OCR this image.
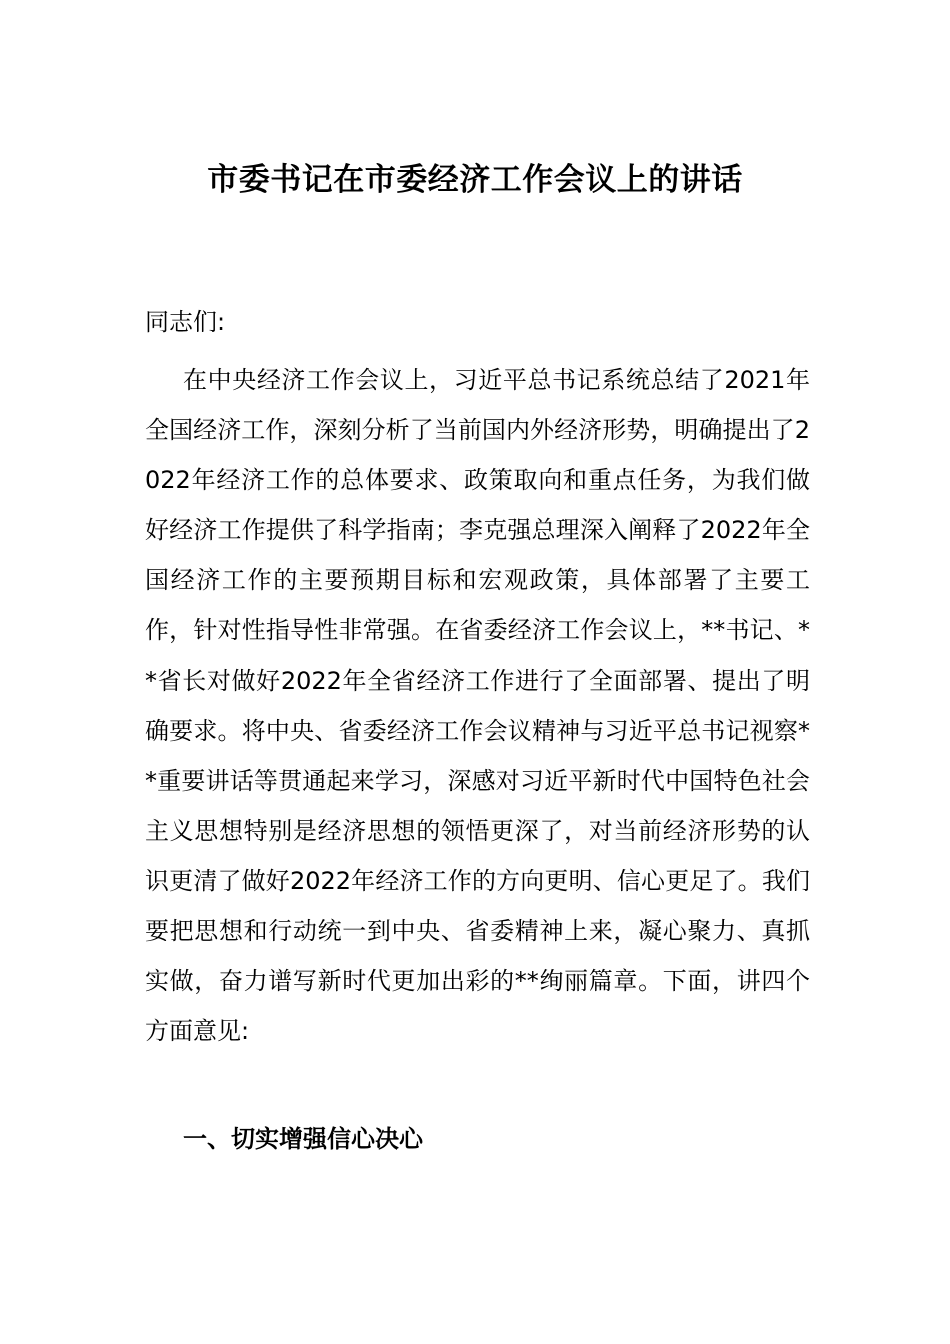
市委书记在市委经济工作会议上的讲话

同志们:

在中央经济工作会议上，习近平总书记系统总结了2021年全国经济工作，深刻分析了当前国内外经济形势，明确提出了2022年经济工作的总体要求、政策取向和重点任务，为我们做好经济工作提供了科学指南；李克强总理深入阐释了2022年全国经济工作的主要预期目标和宏观政策，具体部署了主要工作，针对性指导性非常强。在省委经济工作会议上，**书记、**省长对做好2022年全省经济工作进行了全面部署、提出了明确要求。将中央、省委经济工作会议精神与习近平总书记视察**重要讲话等贯通起来学习，深感对习近平新时代中国特色社会主义思想特别是经济思想的领悟更深了，对当前经济形势的认识更清了做好2022年经济工作的方向更明、信心更足了。我们要把思想和行动统一到中央、省委精神上来，凝心聚力、真抓实做，奋力谱写新时代更加出彩的**绚丽篇章。下面，讲四个方面意见:

一、切实增强信心决心
